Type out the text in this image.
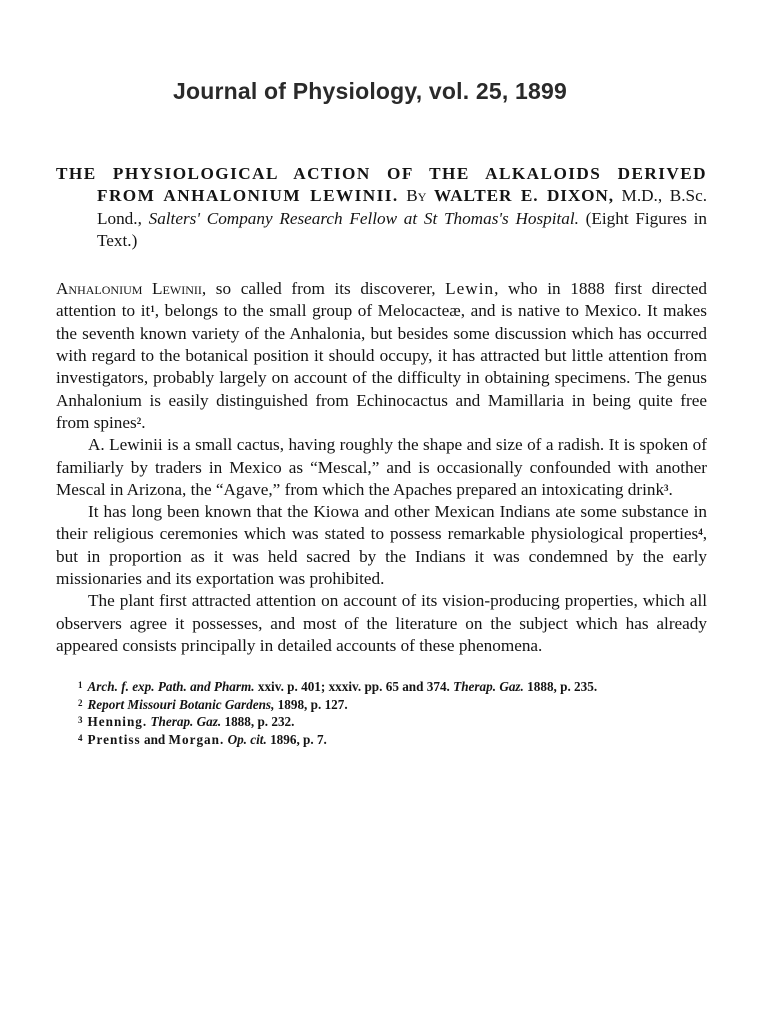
Journal of Physiology, vol. 25, 1899

THE PHYSIOLOGICAL ACTION OF THE ALKALOIDS DERIVED FROM ANHALONIUM LEWINII. By WALTER E. DIXON, M.D., B.Sc. Lond., Salters' Company Research Fellow at St Thomas's Hospital. (Eight Figures in Text.)

Anhalonium Lewinii, so called from its discoverer, Lewin, who in 1888 first directed attention to $it^1$, belongs to the small group of Melocacteæ, and is native to Mexico. It makes the seventh known variety of the Anhalonia, but besides some discussion which has occurred with regard to the botanical position it should occupy, it has attracted but little attention from investigators, probably largely on account of the difficulty in obtaining specimens. The genus Anhalonium is easily distinguished from Echinocactus and Mamillaria in being quite free from spines$^2$.

A. Lewinii is a small cactus, having roughly the shape and size of a radish. It is spoken of familiarly by traders in Mexico as “Mescal,” and is occasionally confounded with another Mescal in Arizona, the “Agave,” from which the Apaches prepared an intoxicating drink$^3$.

It has long been known that the Kiowa and other Mexican Indians ate some substance in their religious ceremonies which was stated to possess remarkable physiological properties$^4$, but in proportion as it was held sacred by the Indians it was condemned by the early missionaries and its exportation was prohibited.

The plant first attracted attention on account of its vision-producing properties, which all observers agree it possesses, and most of the literature on the subject which has already appeared consists principally in detailed accounts of these phenomena.

$^1$ Arch. f. exp. Path. and Pharm. xxiv. p. 401; xxxiv. pp. 65 and 374. Therap. Gaz. 1888, p. 235.

$^2$ Report Missouri Botanic Gardens, 1898, p. 127.

$^3$ Henning. Therap. Gaz. 1888, p. 232.

$^4$ Prentiss and Morgan. Op. cit. 1896, p. 7.
